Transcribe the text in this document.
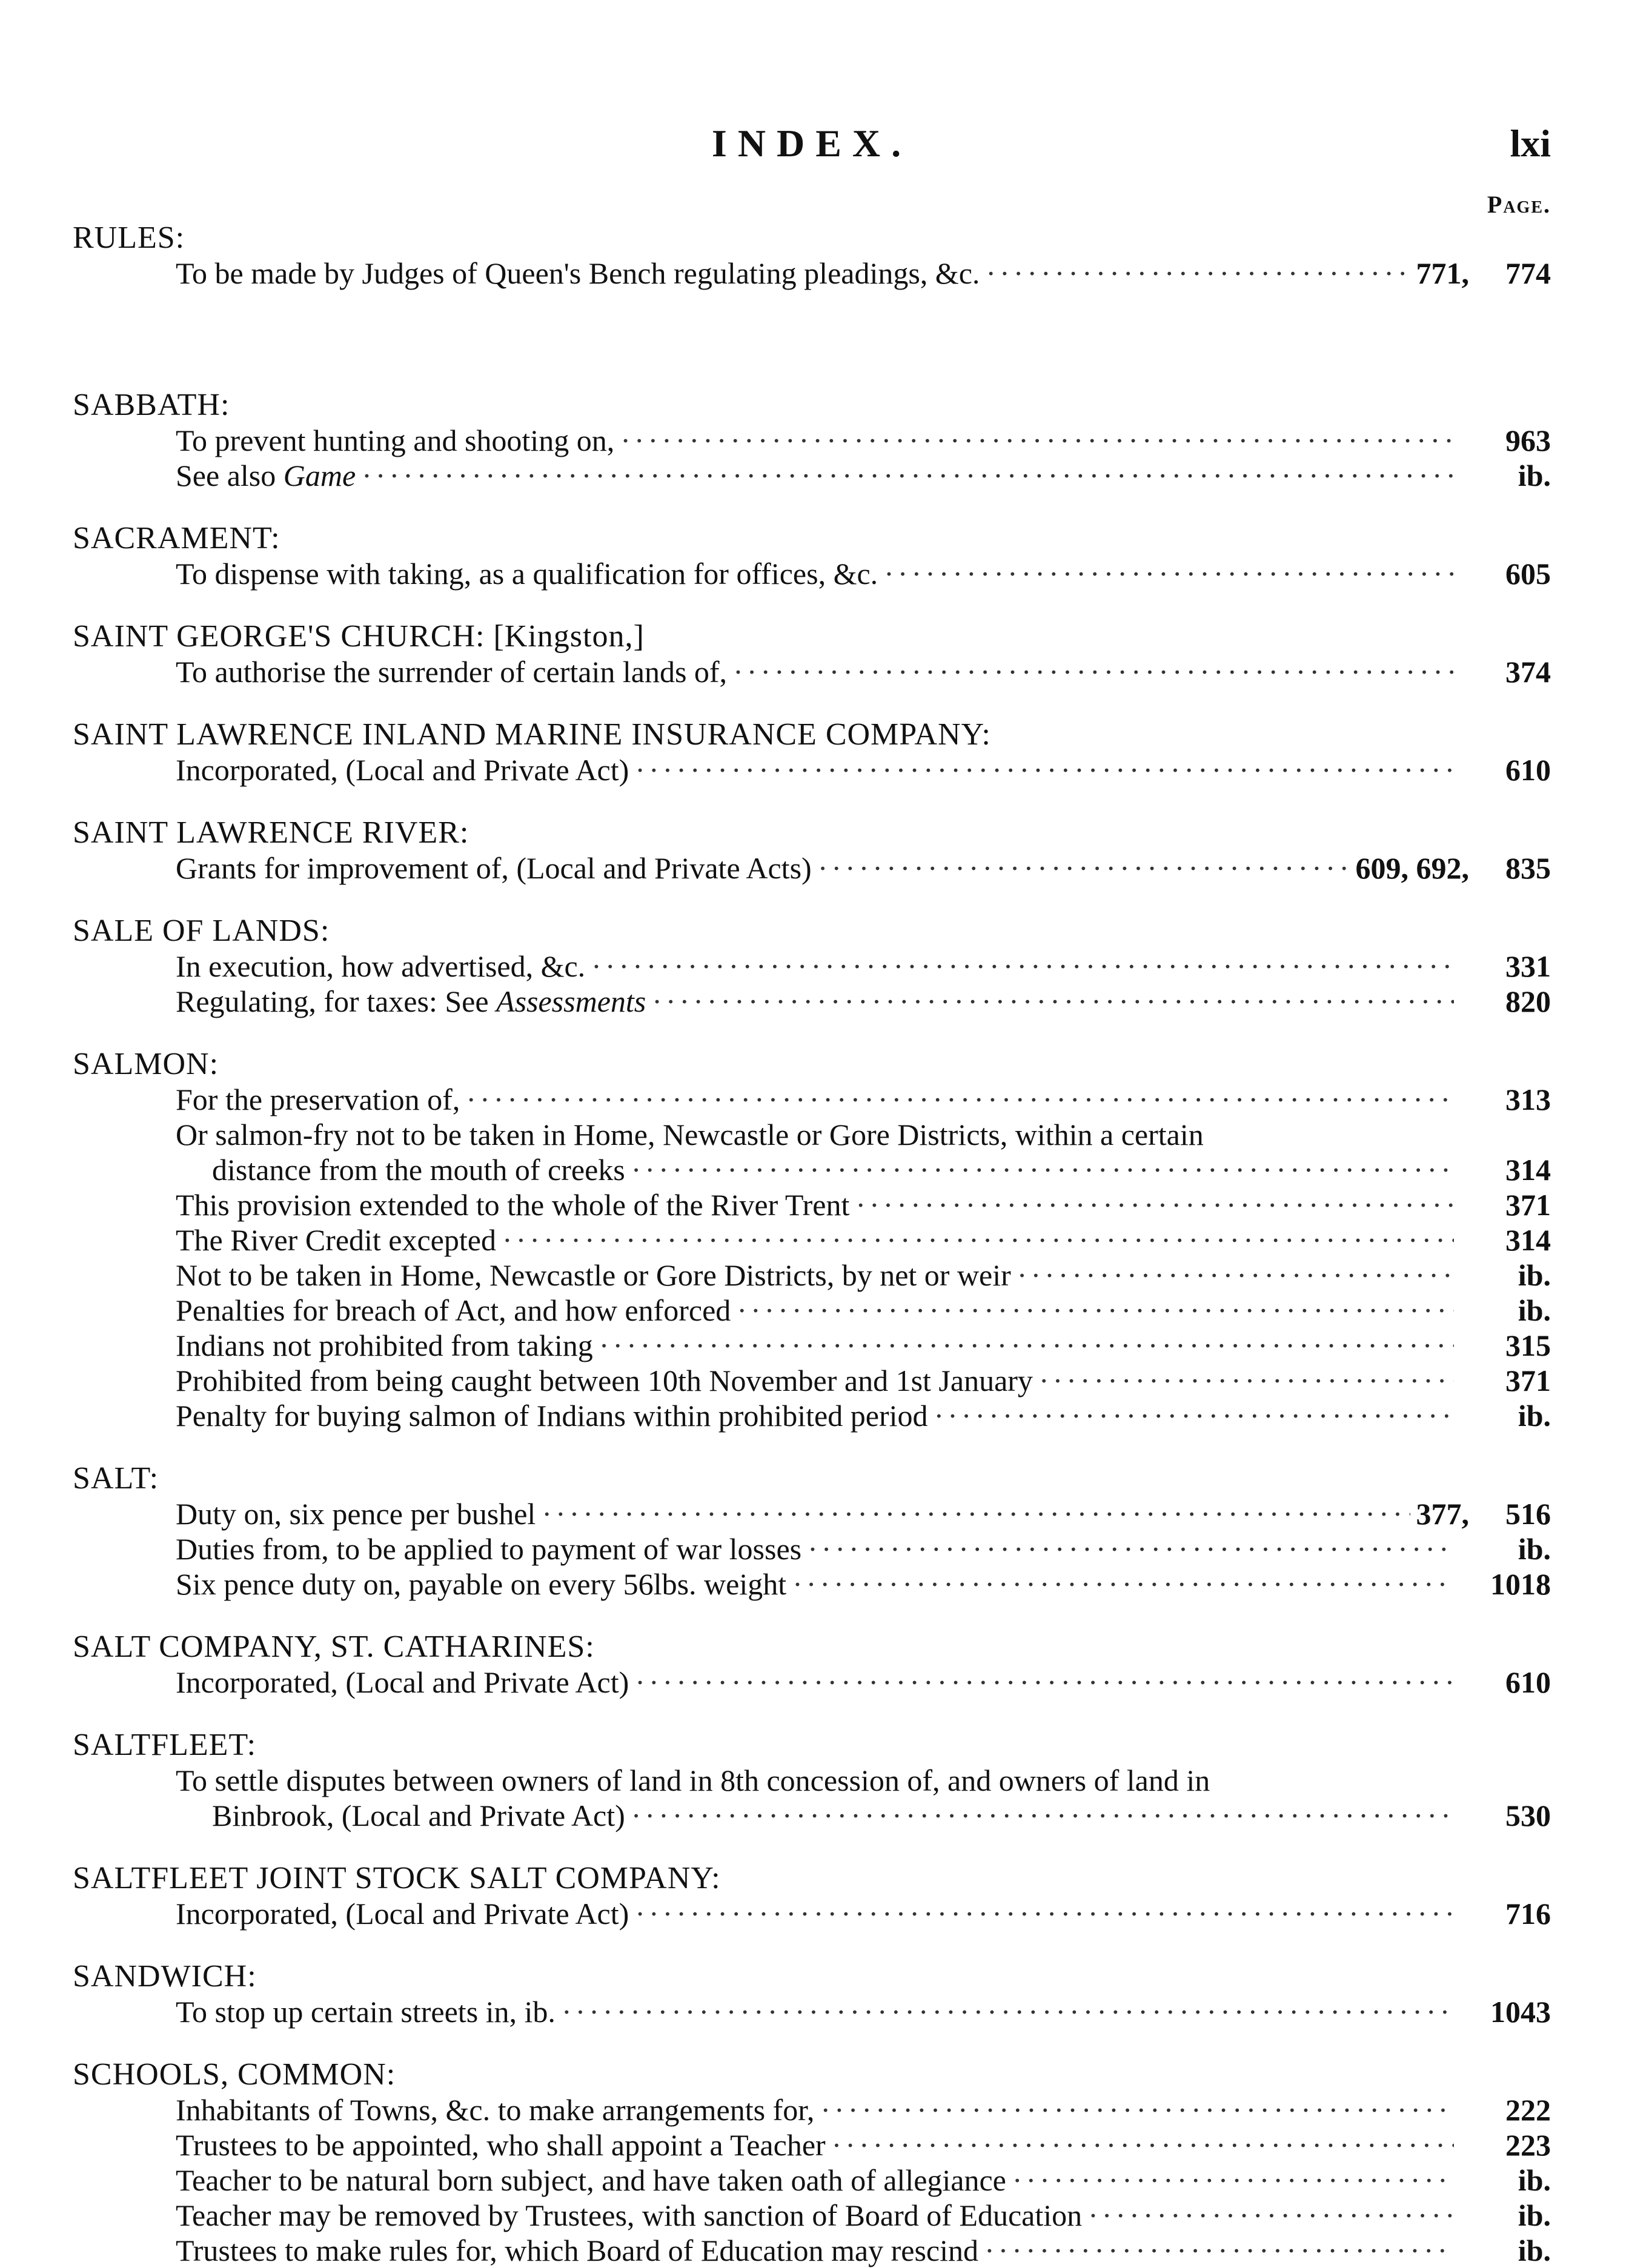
INDEX.	lxi
Page.
RULES:
To be made by Judges of Queen's Bench regulating pleadings, &c. ·····	771, 774
SABBATH:
To prevent hunting and shooting on, ·····	963
See also Game ·····	ib.
SACRAMENT:
To dispense with taking, as a qualification for offices, &c. ·····	605
SAINT GEORGE'S CHURCH: [Kingston,]
To authorise the surrender of certain lands of, ·····	374
SAINT LAWRENCE INLAND MARINE INSURANCE COMPANY:
Incorporated, (Local and Private Act) ·····	610
SAINT LAWRENCE RIVER:
Grants for improvement of, (Local and Private Acts) ·····	609, 692, 835
SALE OF LANDS:
In execution, how advertised, &c. ·····	331
Regulating, for taxes: See Assessments ·····	820
SALMON:
For the preservation of, ·····	313
Or salmon-fry not to be taken in Home, Newcastle or Gore Districts, within a certain
distance from the mouth of creeks ·····	314
This provision extended to the whole of the River Trent ·····	371
The River Credit excepted ·····	314
Not to be taken in Home, Newcastle or Gore Districts, by net or weir ·····	ib.
Penalties for breach of Act, and how enforced ·····	ib.
Indians not prohibited from taking ·····	315
Prohibited from being caught between 10th November and 1st January ·····	371
Penalty for buying salmon of Indians within prohibited period ·····	ib.
SALT:
Duty on, six pence per bushel ·····	377, 516
Duties from, to be applied to payment of war losses ·····	ib.
Six pence duty on, payable on every 56lbs. weight ·····	1018
SALT COMPANY, ST. CATHARINES:
Incorporated, (Local and Private Act) ·····	610
SALTFLEET:
To settle disputes between owners of land in 8th concession of, and owners of land in
Binbrook, (Local and Private Act) ·····	530
SALTFLEET JOINT STOCK SALT COMPANY:
Incorporated, (Local and Private Act) ·····	716
SANDWICH:
To stop up certain streets in, ib. ·····	1043
SCHOOLS, COMMON:
Inhabitants of Towns, &c. to make arrangements for, ·····	222
Trustees to be appointed, who shall appoint a Teacher ·····	223
Teacher to be natural born subject, and have taken oath of allegiance ·····	ib.
Teacher may be removed by Trustees, with sanction of Board of Education ·····	ib.
Trustees to make rules for, which Board of Education may rescind ·····	ib.
